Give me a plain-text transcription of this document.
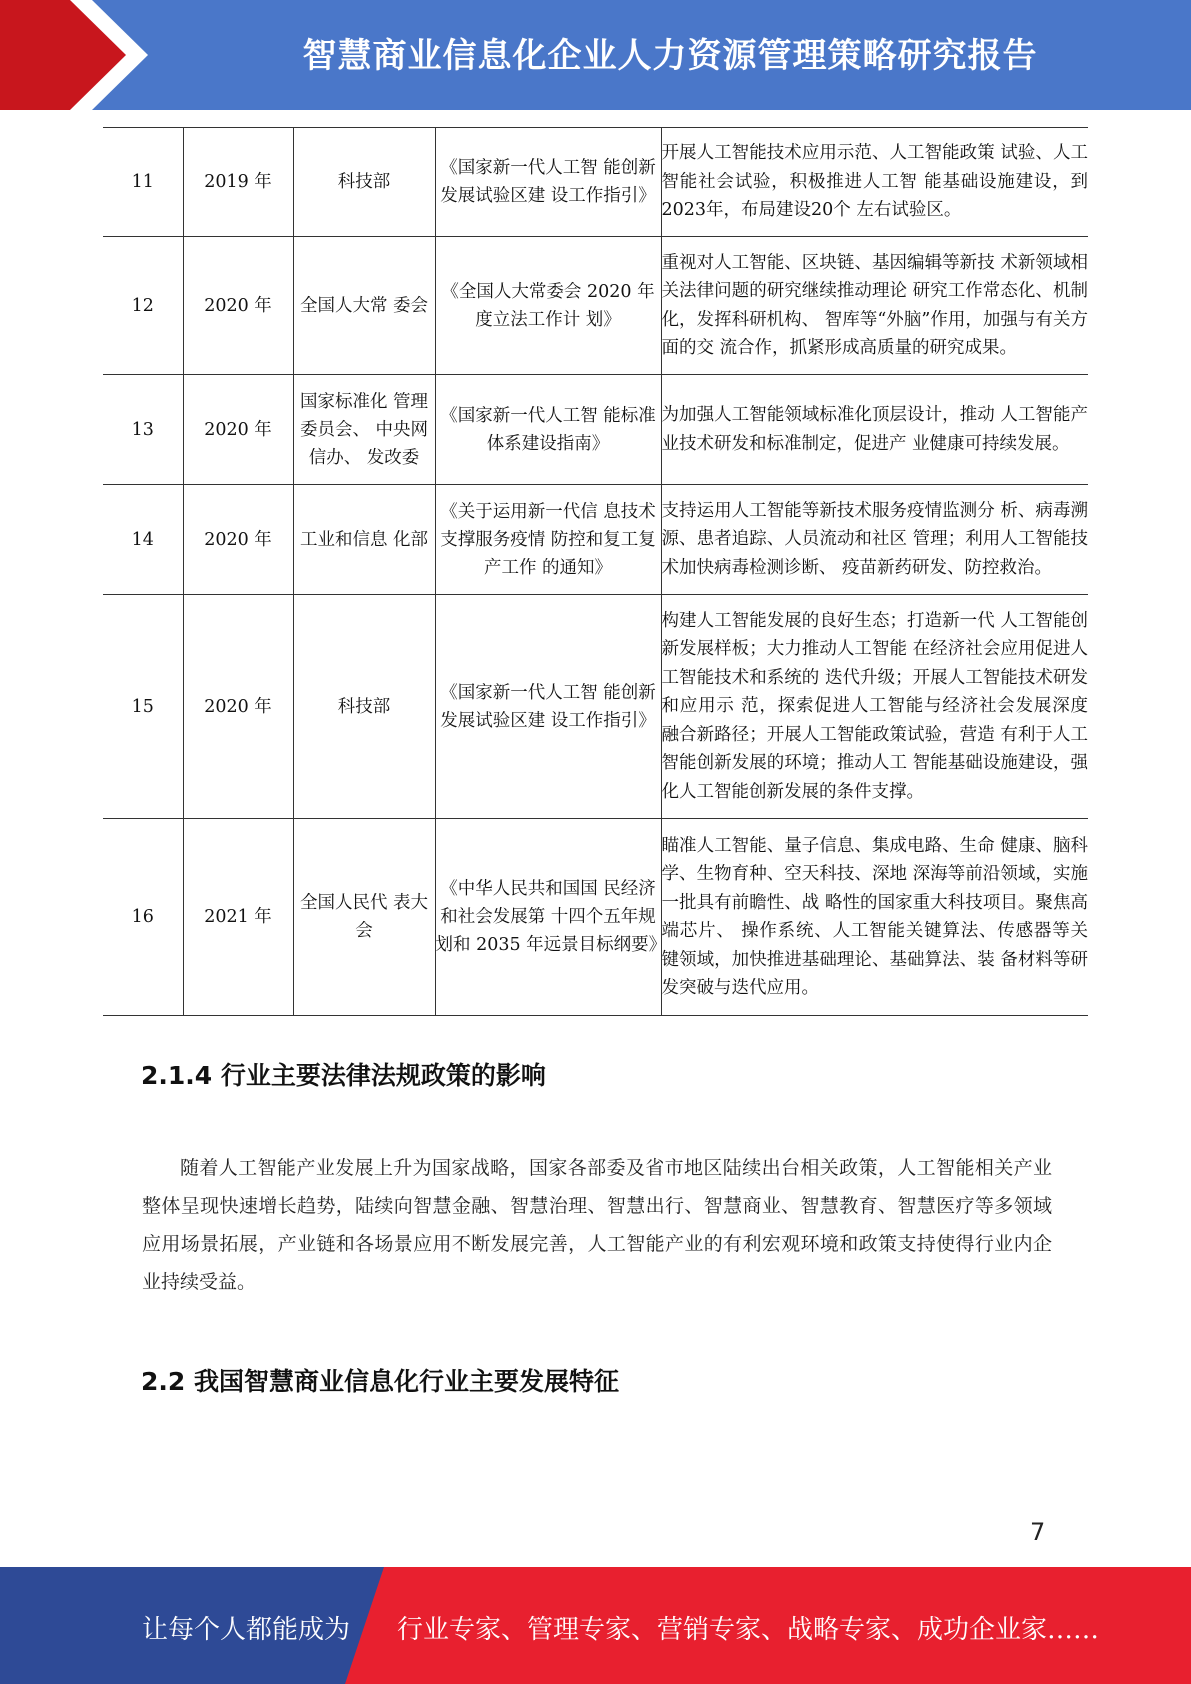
智慧商业信息化企业人力资源管理策略研究报告
11	2019 年	科技部	《国家新一代人工智 能创新发展试验区建 设工作指引》	开展人工智能技术应用示范、人工智能政策 试验、人工智能社会试验，积极推进人工智 能基础设施建设，到2023年，布局建设20个 左右试验区。
12	2020 年	全国人大常 委会	《全国人大常委会 2020 年度立法工作计 划》	重视对人工智能、区块链、基因编辑等新技 术新领域相关法律问题的研究继续推动理论 研究工作常态化、机制化，发挥科研机构、 智库等“外脑”作用，加强与有关方面的交 流合作，抓紧形成高质量的研究成果。
13	2020 年	国家标准化 管理委员会、 中央网信办、 发改委	《国家新一代人工智 能标准体系建设指南》	为加强人工智能领域标准化顶层设计，推动 人工智能产业技术研发和标准制定，促进产 业健康可持续发展。
14	2020 年	工业和信息 化部	《关于运用新一代信 息技术支撑服务疫情 防控和复工复产工作 的通知》	支持运用人工智能等新技术服务疫情监测分 析、病毒溯源、患者追踪、人员流动和社区 管理；利用人工智能技术加快病毒检测诊断、 疫苗新药研发、防控救治。
15	2020 年	科技部	《国家新一代人工智 能创新发展试验区建 设工作指引》	构建人工智能发展的良好生态；打造新一代 人工智能创新发展样板；大力推动人工智能 在经济社会应用促进人工智能技术和系统的 迭代升级；开展人工智能技术研发和应用示 范，探索促进人工智能与经济社会发展深度 融合新路径；开展人工智能政策试验，营造 有利于人工智能创新发展的环境；推动人工 智能基础设施建设，强化人工智能创新发展的条件支撑。
16	2021 年	全国人民代 表大会	《中华人民共和国国 民经济和社会发展第 十四个五年规划和 2035 年远景目标纲要》	瞄准人工智能、量子信息、集成电路、生命 健康、脑科学、生物育种、空天科技、深地 深海等前沿领域，实施一批具有前瞻性、战 略性的国家重大科技项目。聚焦高端芯片、 操作系统、人工智能关键算法、传感器等关 键领域，加快推进基础理论、基础算法、装 备材料等研发突破与迭代应用。
2.1.4 行业主要法律法规政策的影响

随着人工智能产业发展上升为国家战略，国家各部委及省市地区陆续出台相关政策，人工智能相关产业整体呈现快速增长趋势，陆续向智慧金融、智慧治理、智慧出行、智慧商业、智慧教育、智慧医疗等多领域应用场景拓展，产业链和各场景应用不断发展完善，人工智能产业的有利宏观环境和政策支持使得行业内企业持续受益。

2.2 我国智慧商业信息化行业主要发展特征
7
让每个人都能成为 行业专家、管理专家、营销专家、战略专家、成功企业家……
